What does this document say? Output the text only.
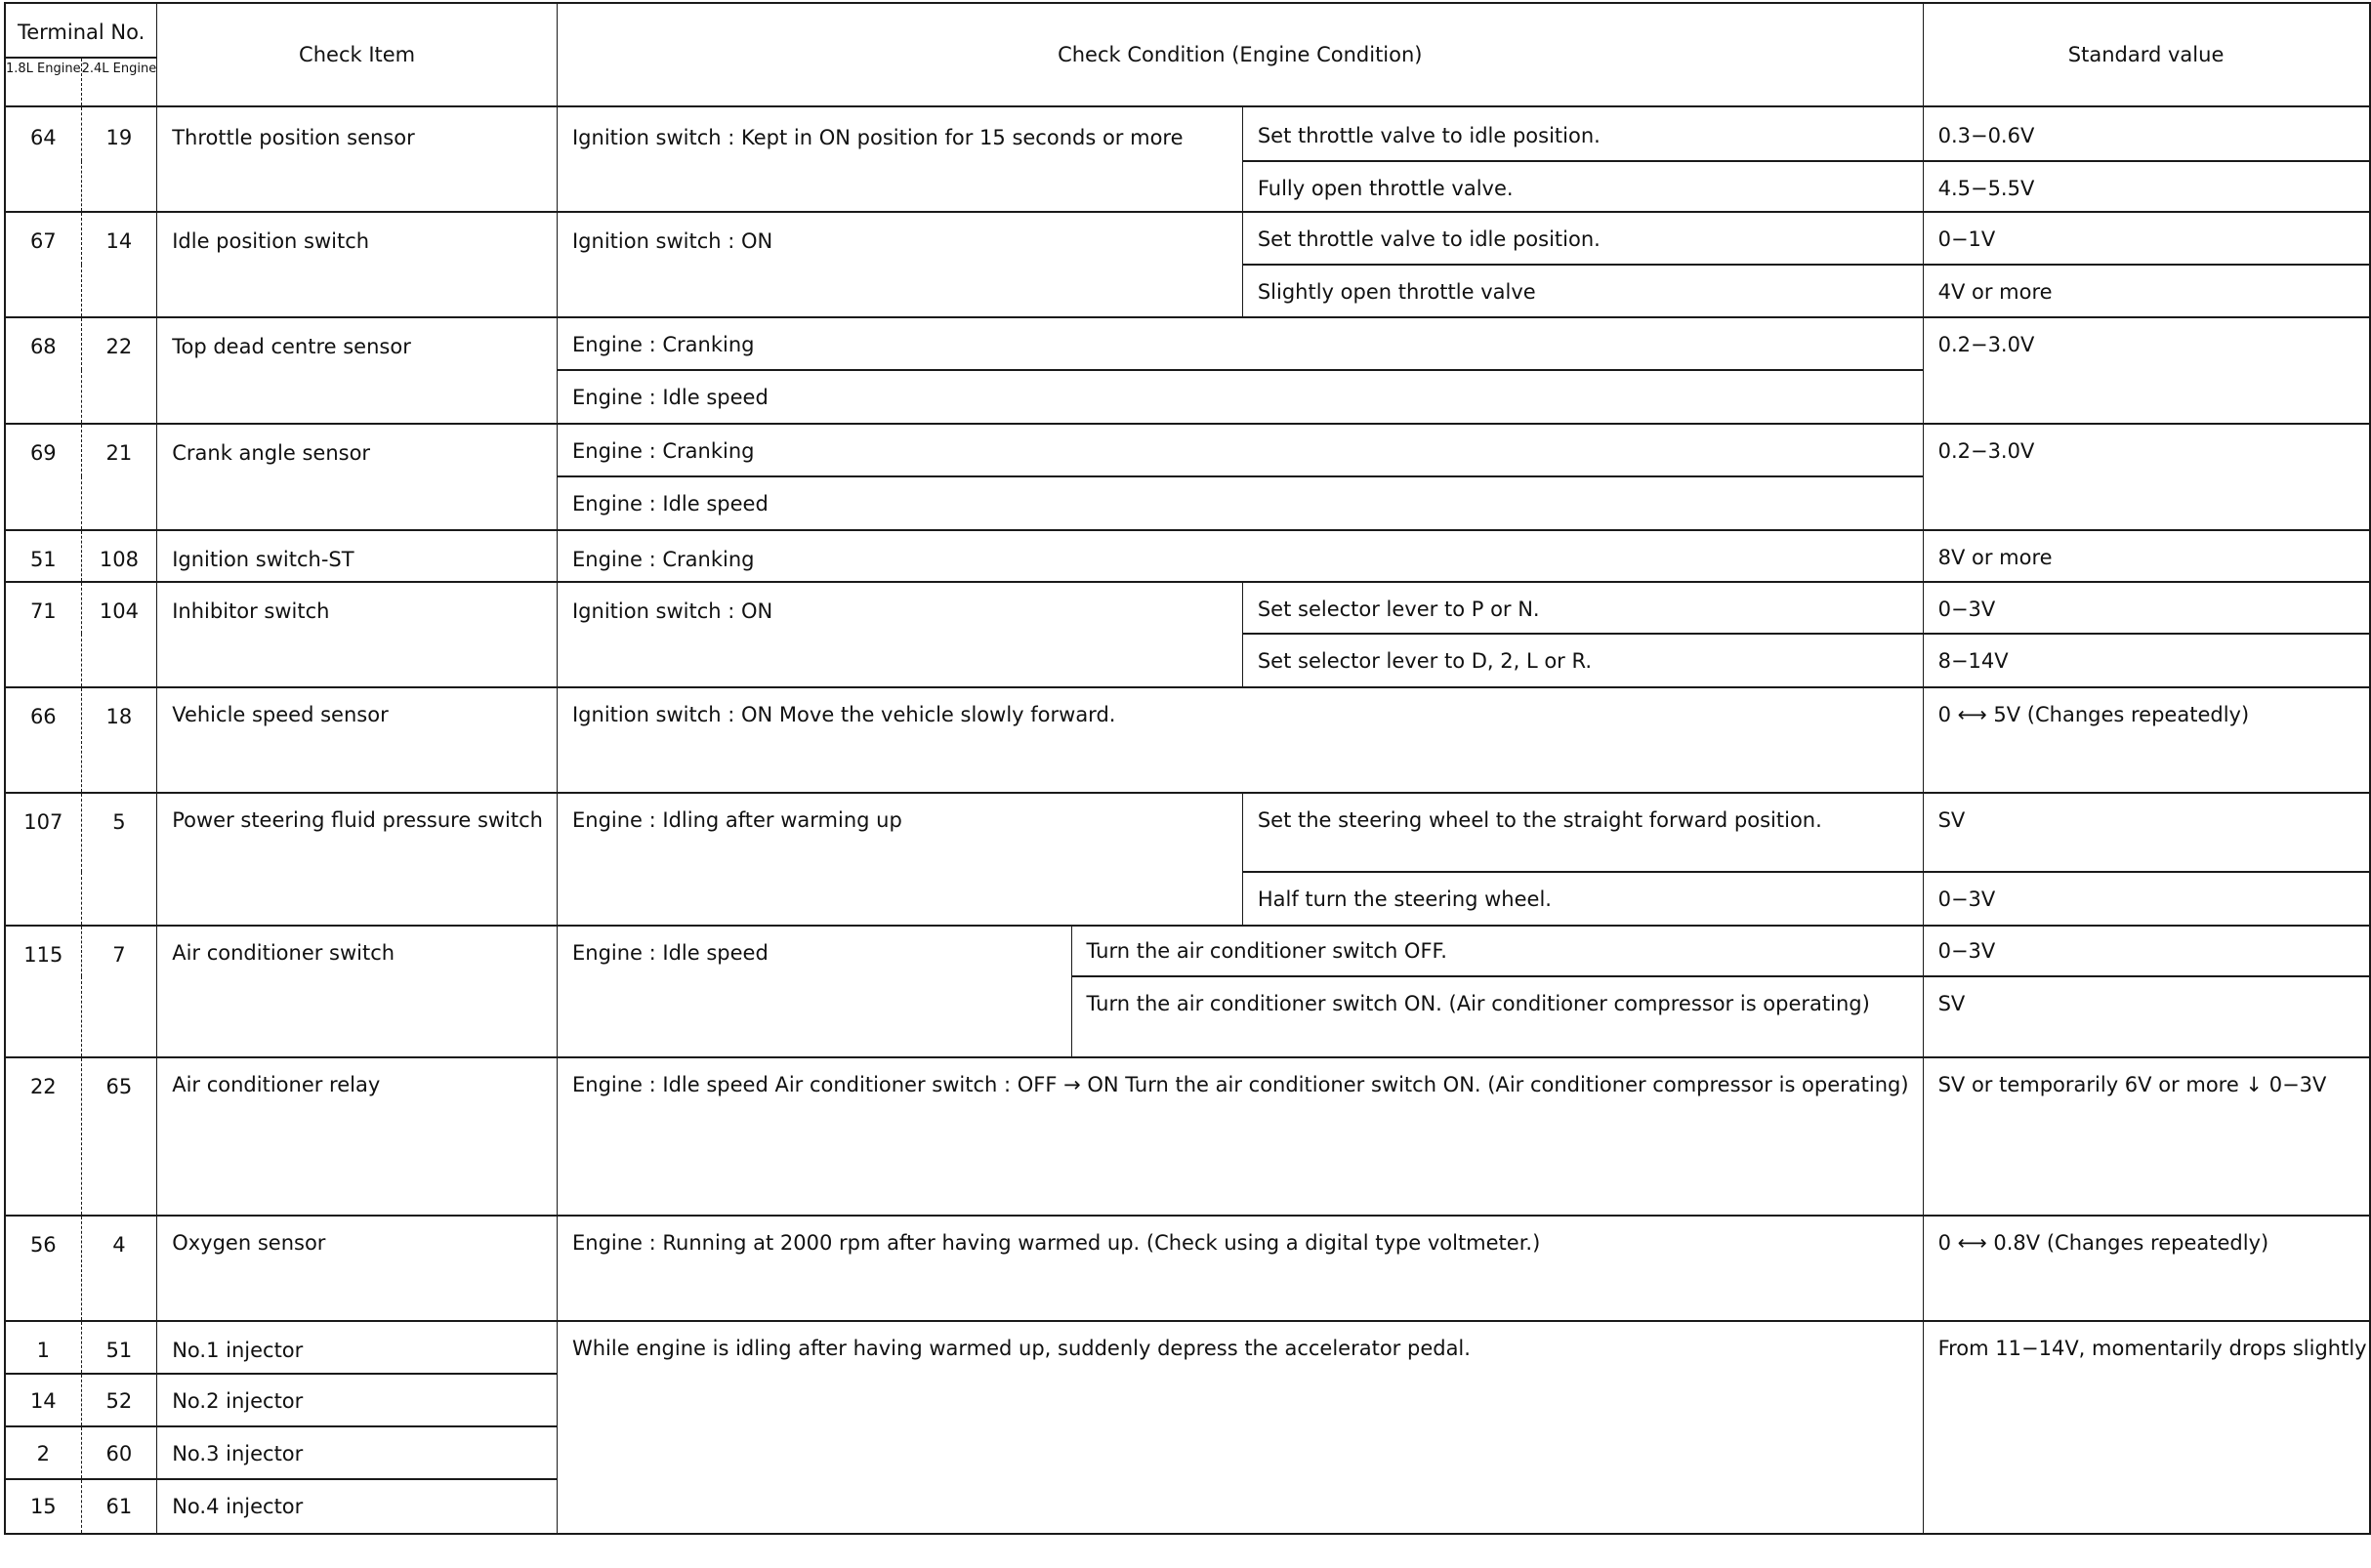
Terminal No.		Check Item	Check Condition (Engine Condition)			Standard value
1.8L Engine	2.4L Engine					
64	19	Throttle position sensor	Ignition switch : Kept in ON position for 15 seconds or more		Set throttle valve to idle position.	0.3−0.6V
					Fully open throttle valve.	4.5−5.5V
67	14	Idle position switch	Ignition switch : ON		Set throttle valve to idle position.	0−1V
					Slightly open throttle valve	4V or more
68	22	Top dead centre sensor	Engine : Cranking			0.2−3.0V
			Engine : Idle speed			
69	21	Crank angle sensor	Engine : Cranking			0.2−3.0V
			Engine : Idle speed			
51	108	Ignition switch-ST	Engine : Cranking			8V or more
71	104	Inhibitor switch	Ignition switch : ON		Set selector lever to P or N.	0−3V
					Set selector lever to D, 2, L or R.	8−14V
66	18	Vehicle speed sensor	Ignition switch : ON Move the vehicle slowly forward.			0 ⟷ 5V (Changes repeatedly)
107	5	Power steering fluid pressure switch	Engine : Idling after warming up		Set the steering wheel to the straight forward position.	SV
					Half turn the steering wheel.	0−3V
115	7	Air conditioner switch	Engine : Idle speed	Turn the air conditioner switch OFF.		0−3V
				Turn the air conditioner switch ON. (Air conditioner compressor is operating)		SV
22	65	Air conditioner relay	Engine : Idle speed Air conditioner switch : OFF → ON Turn the air conditioner switch ON. (Air conditioner compressor is operating)			SV or temporarily 6V or more ↓ 0−3V
56	4	Oxygen sensor	Engine : Running at 2000 rpm after having warmed up. (Check using a digital type voltmeter.)			0 ⟷ 0.8V (Changes repeatedly)
1	51	No.1 injector	While engine is idling after having warmed up, suddenly depress the accelerator pedal.			From 11−14V, momentarily drops slightly
14	52	No.2 injector				
2	60	No.3 injector				
15	61	No.4 injector				
